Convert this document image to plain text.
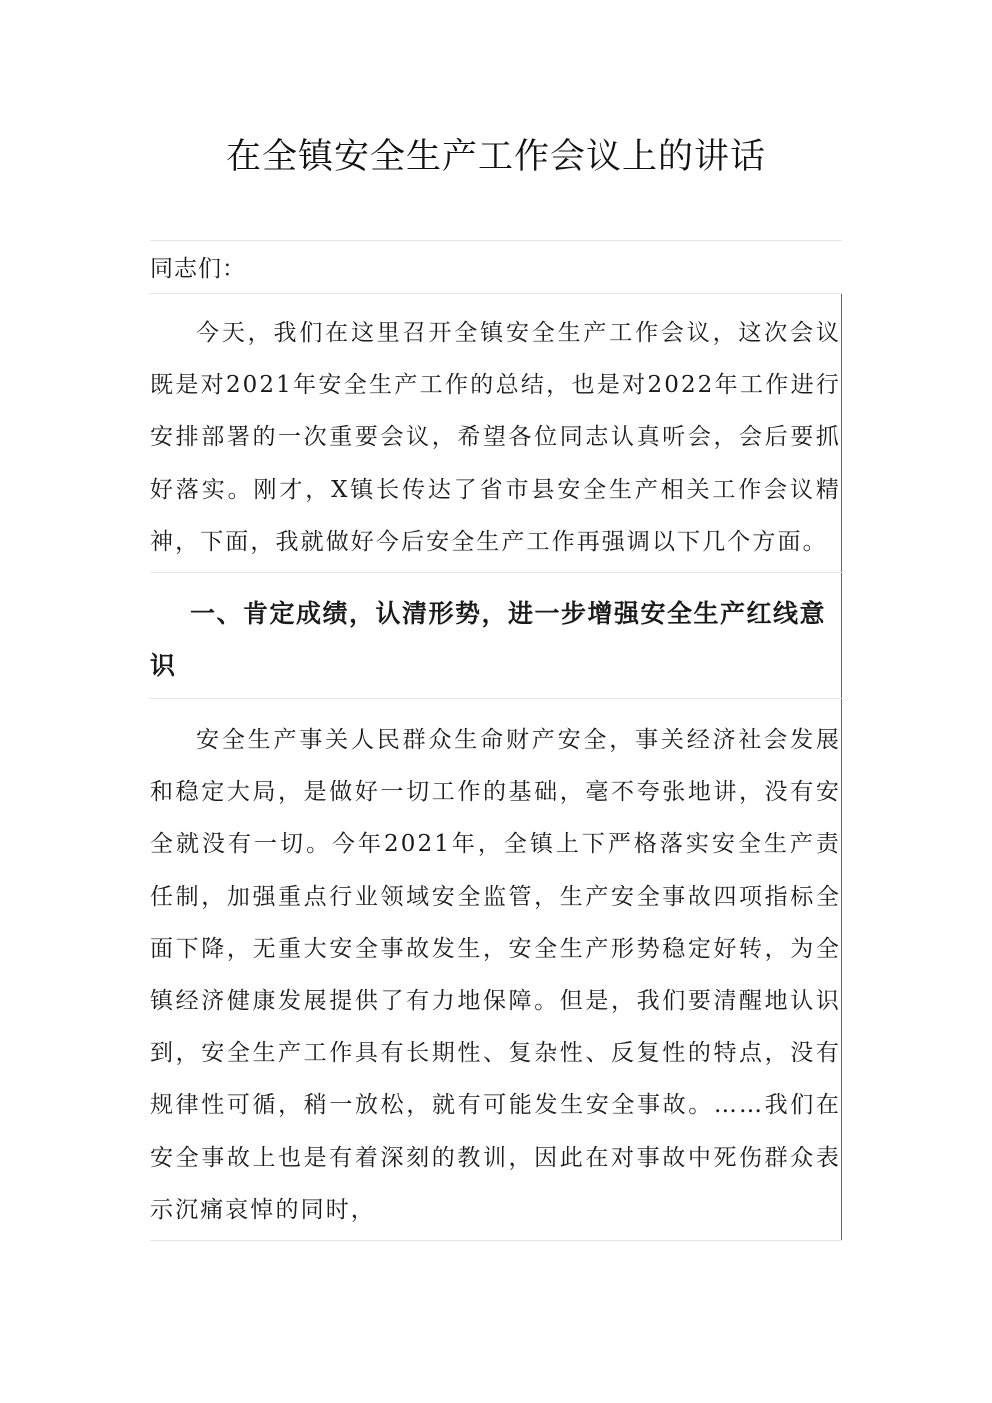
在全镇安全生产工作会议上的讲话
同志们：

今天，我们在这里召开全镇安全生产工作会议，这次会议既是对2021年安全生产工作的总结，也是对2022年工作进行安排部署的一次重要会议，希望各位同志认真听会，会后要抓好落实。刚才，X镇长传达了省市县安全生产相关工作会议精神，下面，我就做好今后安全生产工作再强调以下几个方面。

一、肯定成绩，认清形势，进一步增强安全生产红线意识

安全生产事关人民群众生命财产安全，事关经济社会发展和稳定大局，是做好一切工作的基础，毫不夸张地讲，没有安全就没有一切。今年2021年，全镇上下严格落实安全生产责任制，加强重点行业领域安全监管，生产安全事故四项指标全面下降，无重大安全事故发生，安全生产形势稳定好转，为全镇经济健康发展提供了有力地保障。但是，我们要清醒地认识到，安全生产工作具有长期性、复杂性、反复性的特点，没有规律性可循，稍一放松，就有可能发生安全事故。……我们在安全事故上也是有着深刻的教训，因此在对事故中死伤群众表示沉痛哀悼的同时，
